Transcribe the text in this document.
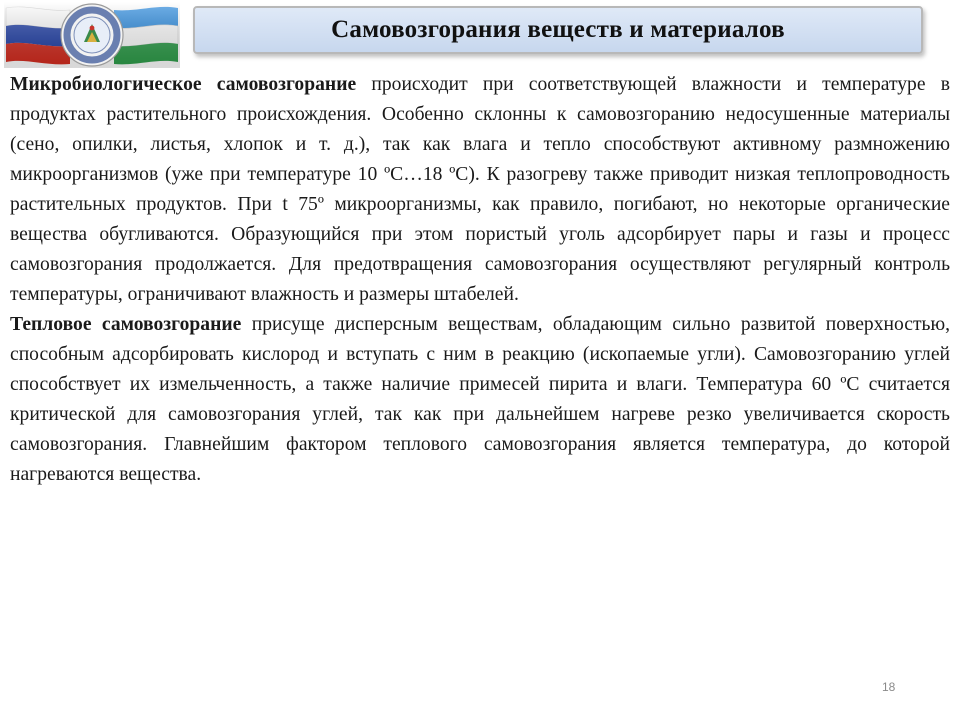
Самовозгорания веществ и материалов

Микробиологическое самовозгорание происходит при соответствующей влажности и температуре в продуктах растительного происхождения. Особенно склонны к самовозгоранию недосушенные материалы (сено, опилки, листья, хлопок и т. д.), так как влага и тепло способствуют активному размножению микроорганизмов (уже при температуре 10 ºС…18 ºС). К разогреву также приводит низкая теплопроводность растительных продуктов. При t 75º микроорганизмы, как правило, погибают, но некоторые органические вещества обугливаются. Образующийся при этом пористый уголь адсорбирует пары и газы и процесс самовозгорания продолжается. Для предотвращения самовозгорания осуществляют регулярный контроль температуры, ограничивают влажность и размеры штабелей.

Тепловое самовозгорание присуще дисперсным веществам, обладающим сильно развитой поверхностью, способным адсорбировать кислород и вступать с ним в реакцию (ископаемые угли). Самовозгоранию углей способствует их измельченность, а также наличие примесей пирита и влаги. Температура 60 ºС считается критической для самовозгорания углей, так как при дальнейшем нагреве резко увеличивается скорость самовозгорания. Главнейшим фактором теплового самовозгорания является температура, до которой нагреваются вещества.

18
